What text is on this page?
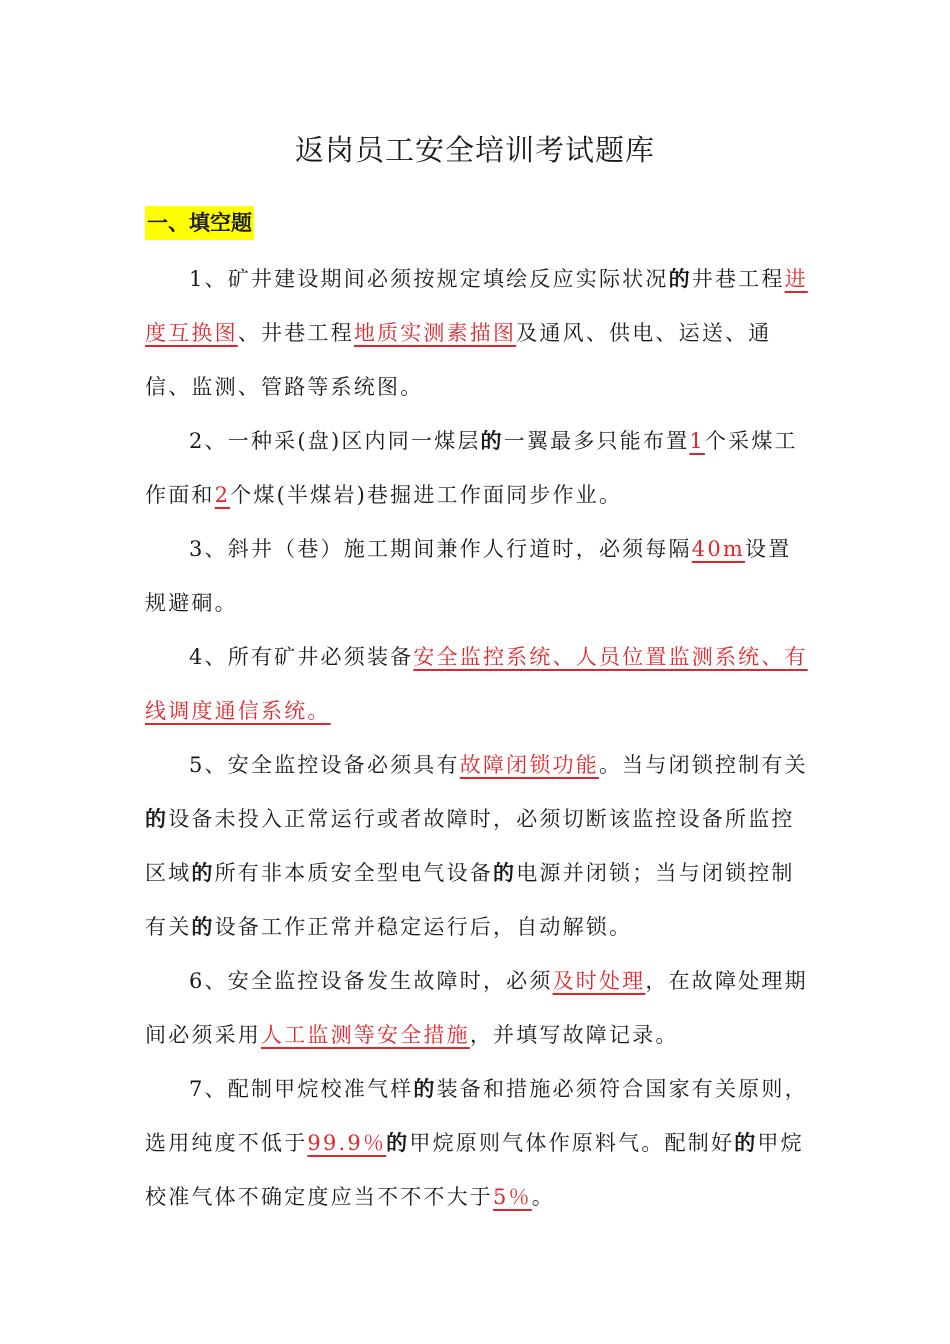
返岗员工安全培训考试题库
一、填空题

1、矿井建设期间必须按规定填绘反应实际状况的井巷工程进度互换图、井巷工程地质实测素描图及通风、供电、运送、通信、监测、管路等系统图。

2、一种采(盘)区内同一煤层的一翼最多只能布置1个采煤工作面和2个煤(半煤岩)巷掘进工作面同步作业。

3、斜井（巷）施工期间兼作人行道时，必须每隔40m设置规避硐。

4、所有矿井必须装备安全监控系统、人员位置监测系统、有线调度通信系统。

5、安全监控设备必须具有故障闭锁功能。当与闭锁控制有关的设备未投入正常运行或者故障时，必须切断该监控设备所监控区域的所有非本质安全型电气设备的电源并闭锁；当与闭锁控制有关的设备工作正常并稳定运行后，自动解锁。

6、安全监控设备发生故障时，必须及时处理，在故障处理期间必须采用人工监测等安全措施，并填写故障记录。

7、配制甲烷校准气样的装备和措施必须符合国家有关原则，选用纯度不低于99.9％的甲烷原则气体作原料气。配制好的甲烷校准气体不确定度应当不不不大于5％。
